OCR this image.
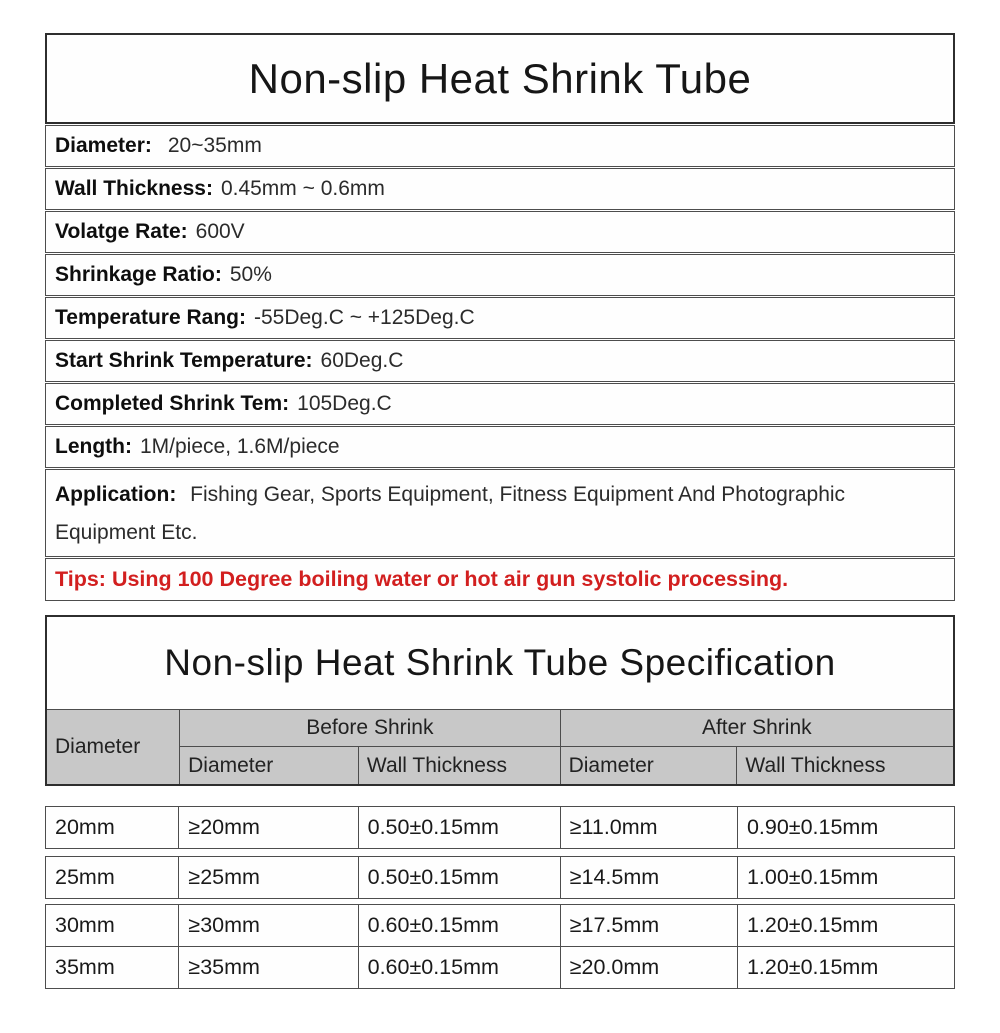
Non-slip Heat Shrink Tube
Diameter: 20~35mm
Wall Thickness: 0.45mm ~ 0.6mm
Volatge Rate: 600V
Shrinkage Ratio: 50%
Temperature Rang: -55Deg.C ~ +125Deg.C
Start Shrink Temperature: 60Deg.C
Completed Shrink Tem: 105Deg.C
Length: 1M/piece, 1.6M/piece
Application: Fishing Gear, Sports Equipment, Fitness Equipment And Photographic Equipment Etc.
Tips: Using 100 Degree boiling water or hot air gun systolic processing.
Non-slip Heat Shrink Tube Specification
Diameter
Before Shrink	After Shrink
Diameter	Wall Thickness	Diameter	Wall Thickness
20mm	≥20mm	0.50±0.15mm	≥11.0mm	0.90±0.15mm
25mm	≥25mm	0.50±0.15mm	≥14.5mm	1.00±0.15mm
30mm	≥30mm	0.60±0.15mm	≥17.5mm	1.20±0.15mm
35mm	≥35mm	0.60±0.15mm	≥20.0mm	1.20±0.15mm
